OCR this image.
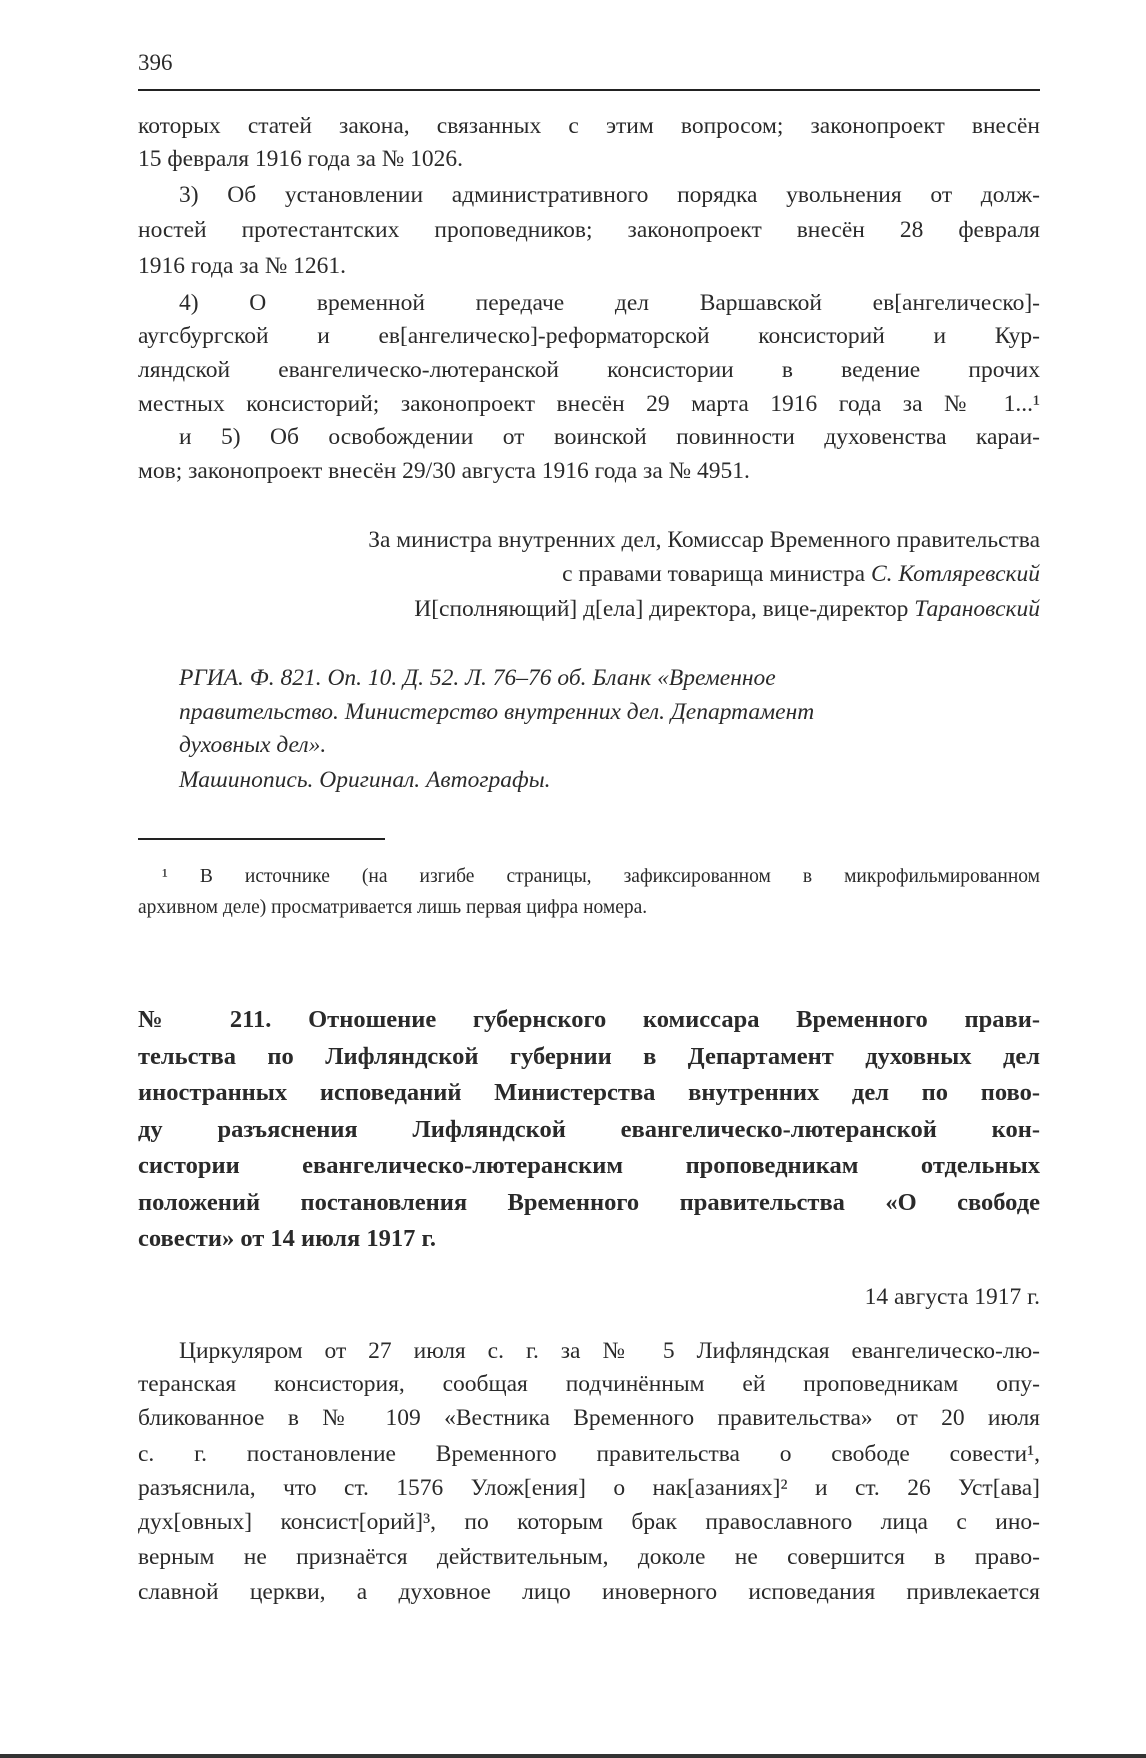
396
которых статей закона, связанных с этим вопросом; законопроект внесён
15 февраля 1916 года за № 1026.
3) Об установлении административного порядка увольнения от долж-
ностей протестантских проповедников; законопроект внесён 28 февраля
1916 года за № 1261.
4) О временной передаче дел Варшавской ев[ангелическо]-
аугсбургской и ев[ангелическо]-реформаторской консисторий и Кур-
ляндской евангелическо-лютеранской консистории в ведение прочих
местных консисторий; законопроект внесён 29 марта 1916 года за № 1...¹
и 5) Об освобождении от воинской повинности духовенства караи-
мов; законопроект внесён 29/30 августа 1916 года за № 4951.
За министра внутренних дел, Комиссар Временного правительства
с правами товарища министра С. Котляревский
И[сполняющий] д[ела] директора, вице-директор Тарановский
РГИА. Ф. 821. Оп. 10. Д. 52. Л. 76–76 об. Бланк «Временное
правительство. Министерство внутренних дел. Департамент
духовных дел».
Машинопись. Оригинал. Автографы.
¹ В источнике (на изгибе страницы, зафиксированном в микрофильмированном
архивном деле) просматривается лишь первая цифра номера.
№ 211. Отношение губернского комиссара Временного прави-
тельства по Лифляндской губернии в Департамент духовных дел
иностранных исповеданий Министерства внутренних дел по пово-
ду разъяснения Лифляндской евангелическо-лютеранской кон-
систории евангелическо-лютеранским проповедникам отдельных
положений постановления Временного правительства «О свободе
совести» от 14 июля 1917 г.
14 августа 1917 г.
Циркуляром от 27 июля с. г. за № 5 Лифляндская евангелическо-лю-
теранская консистория, сообщая подчинённым ей проповедникам опу-
бликованное в № 109 «Вестника Временного правительства» от 20 июля
с. г. постановление Временного правительства о свободе совести¹,
разъяснила, что ст. 1576 Улож[ения] о нак[азаниях]² и ст. 26 Уст[ава]
дух[овных] консист[орий]³, по которым брак православного лица с ино-
верным не признаётся действительным, доколе не совершится в право-
славной церкви, а духовное лицо иноверного исповедания привлекается
